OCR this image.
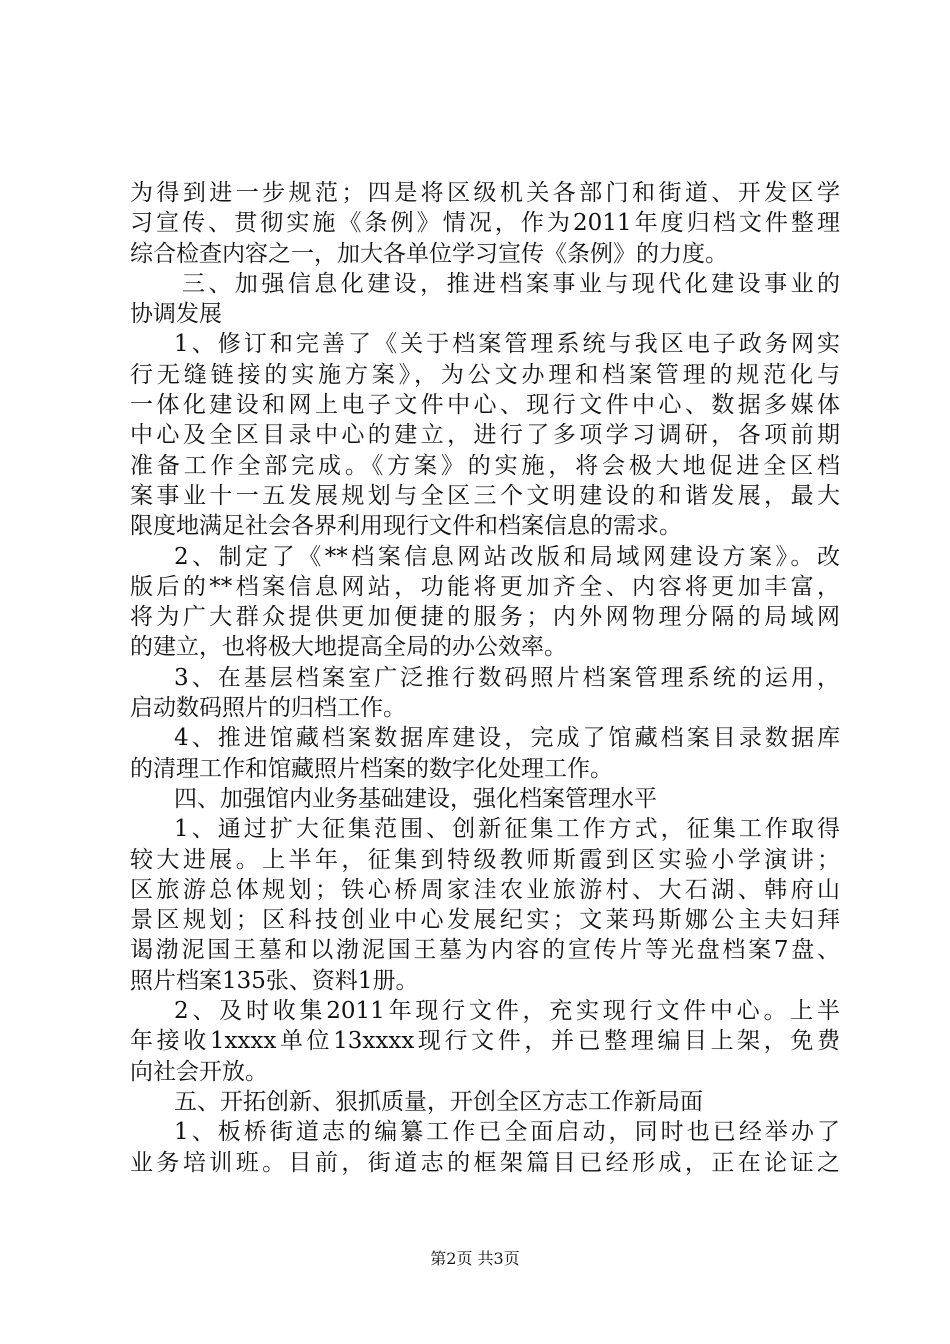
为得到进一步规范；四是将区级机关各部门和街道、开发区学
习宣传、贯彻实施《条例》情况，作为2011年度归档文件整理
综合检查内容之一，加大各单位学习宣传《条例》的力度。
三、加强信息化建设，推进档案事业与现代化建设事业的
协调发展
1、修订和完善了《关于档案管理系统与我区电子政务网实
行无缝链接的实施方案》，为公文办理和档案管理的规范化与
一体化建设和网上电子文件中心、现行文件中心、数据多媒体
中心及全区目录中心的建立，进行了多项学习调研，各项前期
准备工作全部完成。《方案》的实施，将会极大地促进全区档
案事业十一五发展规划与全区三个文明建设的和谐发展，最大
限度地满足社会各界利用现行文件和档案信息的需求。
2、制定了《**档案信息网站改版和局域网建设方案》。改
版后的**档案信息网站，功能将更加齐全、内容将更加丰富，
将为广大群众提供更加便捷的服务；内外网物理分隔的局域网
的建立，也将极大地提高全局的办公效率。
3、在基层档案室广泛推行数码照片档案管理系统的运用，
启动数码照片的归档工作。
4、推进馆藏档案数据库建设，完成了馆藏档案目录数据库
的清理工作和馆藏照片档案的数字化处理工作。
四、加强馆内业务基础建设，强化档案管理水平
1、通过扩大征集范围、创新征集工作方式，征集工作取得
较大进展。上半年，征集到特级教师斯霞到区实验小学演讲；
区旅游总体规划；铁心桥周家洼农业旅游村、大石湖、韩府山
景区规划；区科技创业中心发展纪实；文莱玛斯娜公主夫妇拜
谒渤泥国王墓和以渤泥国王墓为内容的宣传片等光盘档案7盘、
照片档案135张、资料1册。
2、及时收集2011年现行文件，充实现行文件中心。上半
年接收1xxxx单位13xxxx现行文件，并已整理编目上架，免费
向社会开放。
五、开拓创新、狠抓质量，开创全区方志工作新局面
1、板桥街道志的编纂工作已全面启动，同时也已经举办了
业务培训班。目前，街道志的框架篇目已经形成，正在论证之
第2页 共3页
